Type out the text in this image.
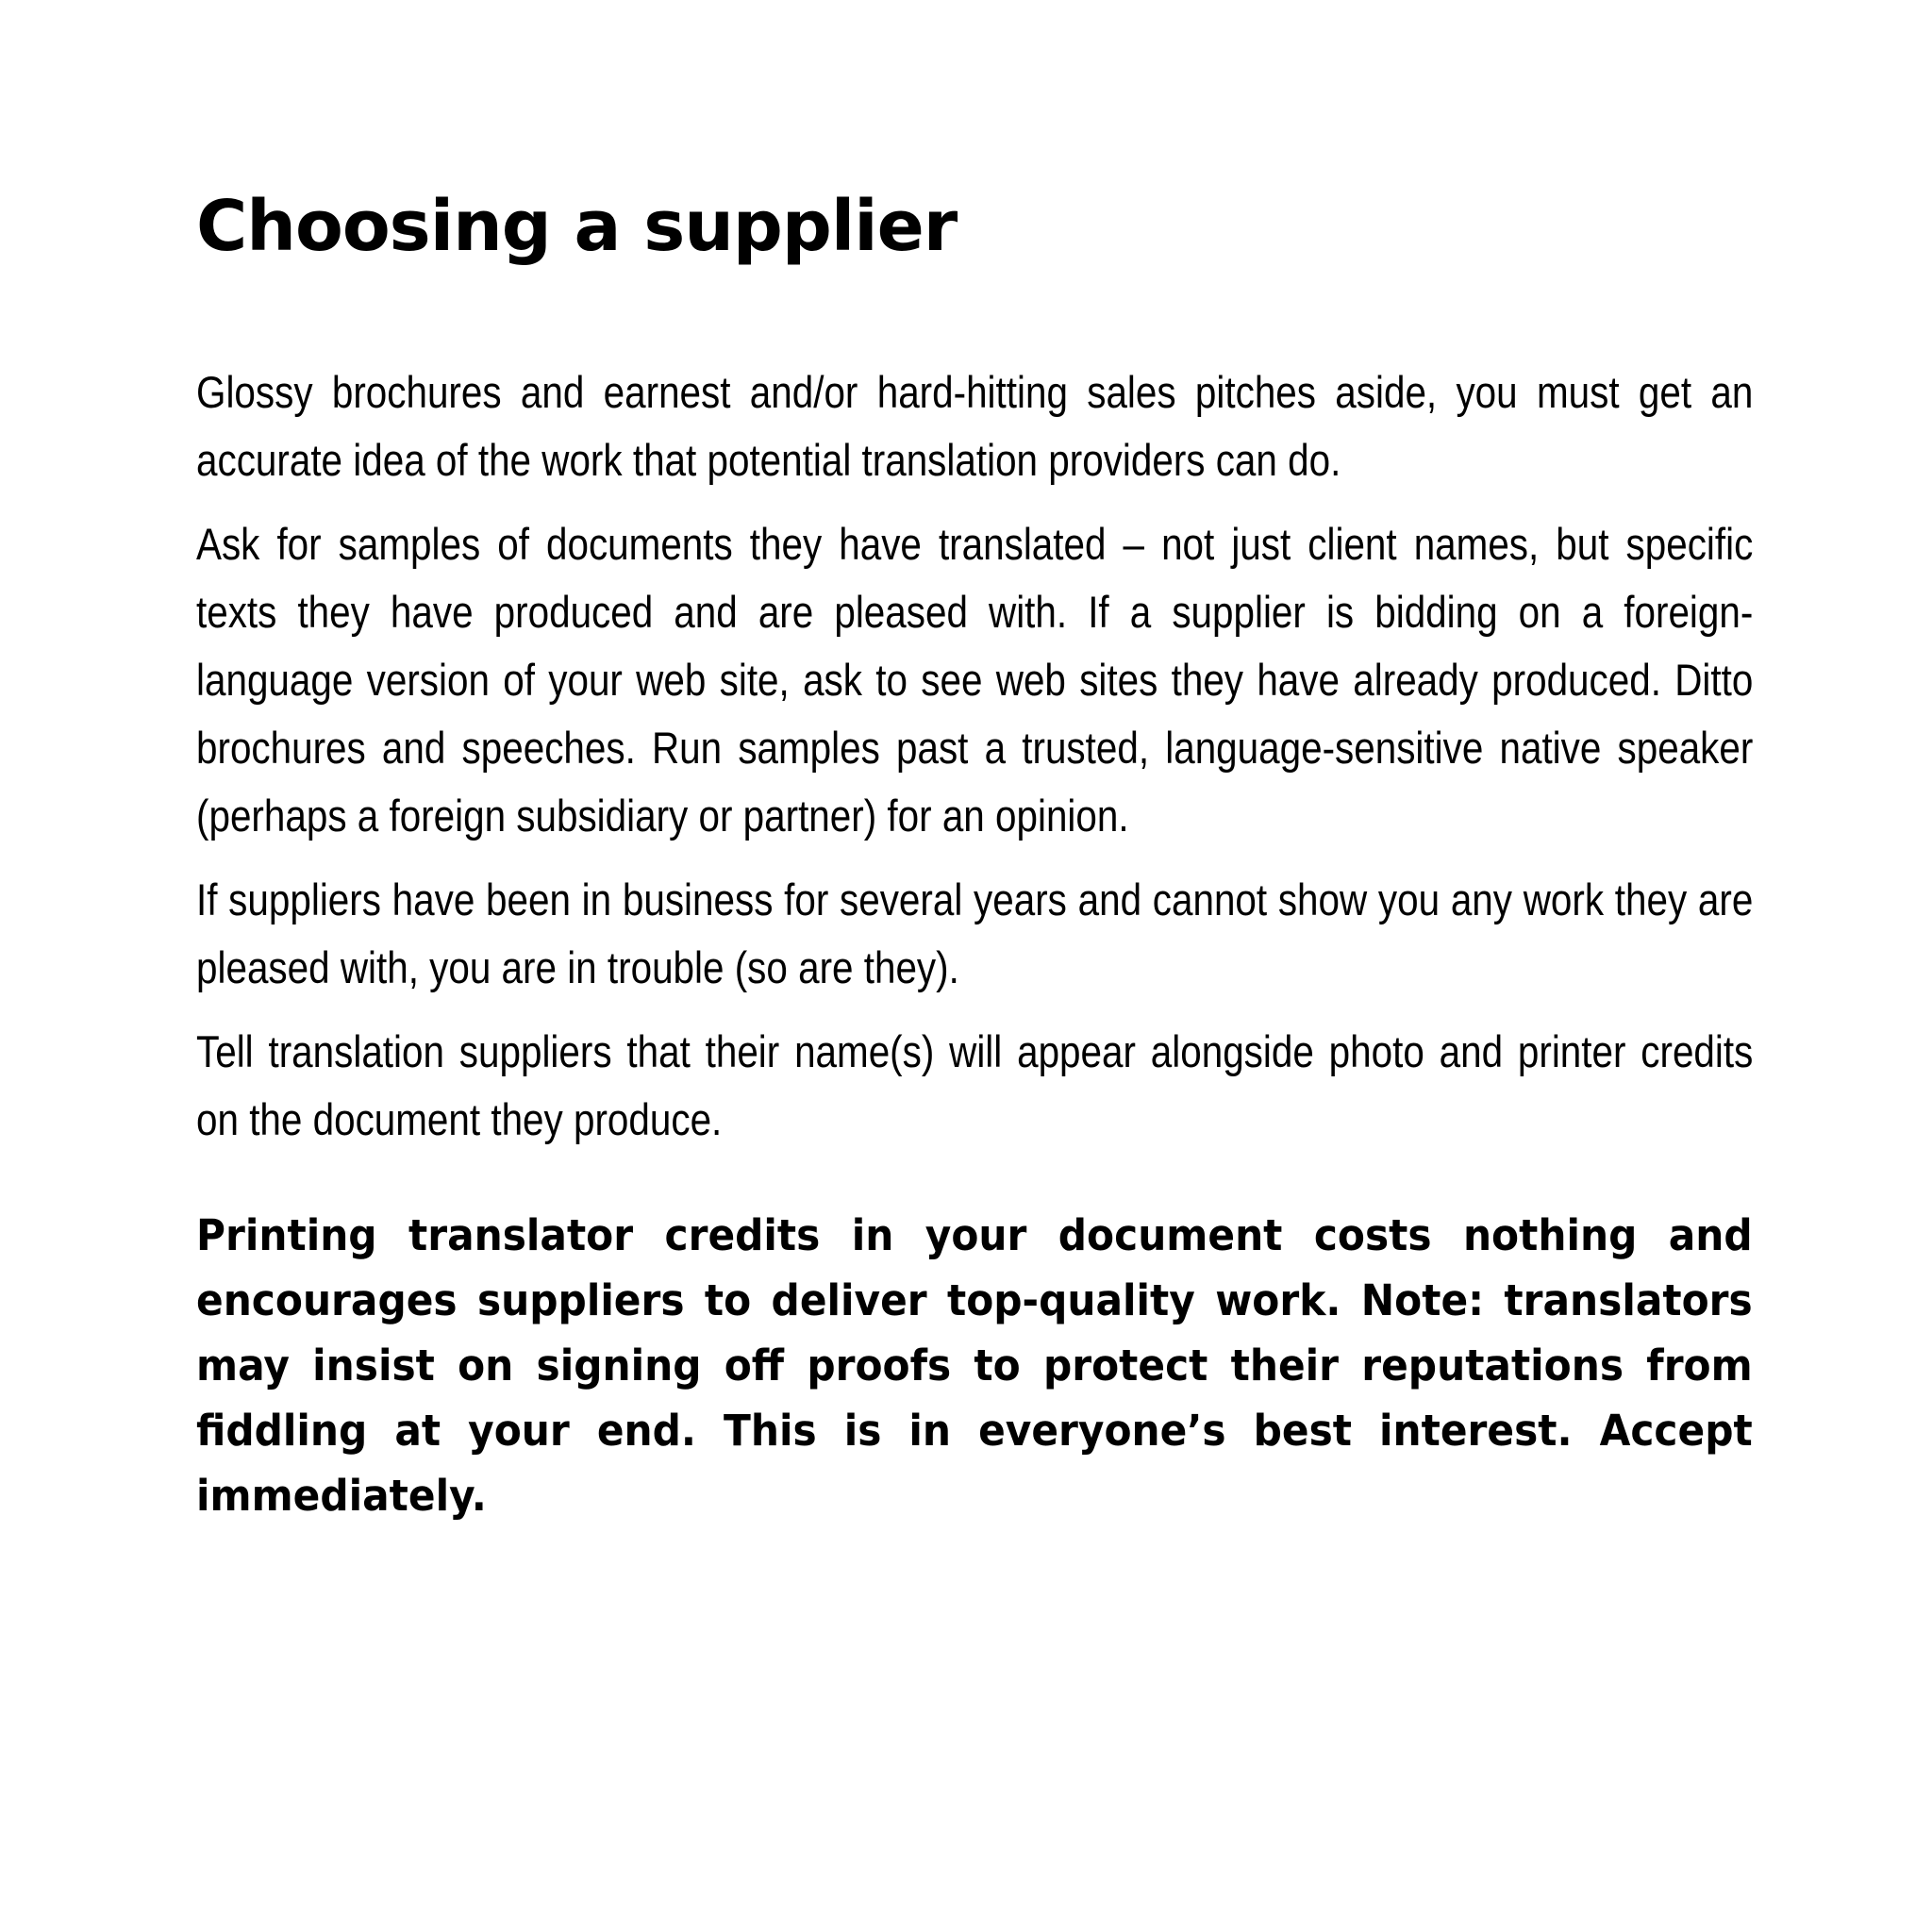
Choosing a supplier

Glossy brochures and earnest and/or hard-hitting sales pitches aside, you must get an accurate idea of the work that potential translation providers can do.

Ask for samples of documents they have translated – not just client names, but specific texts they have produced and are pleased with. If a supplier is bidding on a foreign-language version of your web site, ask to see web sites they have already produced. Ditto brochures and speeches. Run samples past a trusted, language-sensitive native speaker (perhaps a foreign subsidiary or partner) for an opinion.

If suppliers have been in business for several years and cannot show you any work they are pleased with, you are in trouble (so are they).

Tell translation suppliers that their name(s) will appear alongside photo and printer credits on the document they produce.

Printing translator credits in your document costs nothing and encourages suppliers to deliver top-quality work. Note: translators may insist on signing off proofs to protect their reputations from fiddling at your end. This is in everyone’s best interest. Accept immediately.
